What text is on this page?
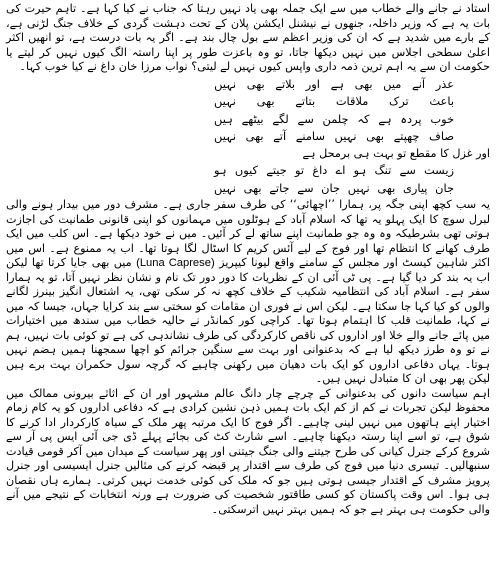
استاد نے جانے والے خطاب میں سے ایک جملہ بھی یاد نہیں رہتا کہ جناب نے کیا کہا ہے۔ تاہم حیرت کی بات یہ ہے کہ وزیر داخلہ، جنھوں نے نیشنل ایکشن پلان کے تحت دہشت گردی کے خلاف جنگ لڑنی ہے، کے بارے میں شدید ہے کہ ان کی وزیر اعظم سے بول چال بند ہے۔ اگر یہ بات درست ہے، تو انھیں اکثر اعلیٰ سطحی اجلاس میں نہیں دیکھا جاتا، تو وہ باعزت طور پر اپنا راستہ الگ کیوں نہیں کر لیتے یا حکومت ان سے یہ اہم ترین ذمہ داری واپس کیوں نہیں لے لیتی؟ نواب مرزا خان داغ نے کیا خوب کہا۔

عذر
آنے
میں
بھی
ہے
اور
بلاتے
بھی
نہیں
باعث
ترک
ملاقات
بتاتے
بھی
نہیں
خوب
پردہ
ہے
کہ
چلمن
سے
لگے
بیٹھے
ہیں
صاف
چھپتے
بھی
نہیں
سامنے
آتے
بھی
نہیں

اور غزل کا مقطع تو بہت ہی برمحل ہے

زیست
سے
تنگ
ہو
اے
داغ
تو
جیتے
کیوں
ہو
جان
پیاری
بھی
نہیں
جان
سے
جاتے
بھی
نہیں

یہ سب کچھ اپنی جگہ پر، ہمارا ’’اچھائی‘‘ کی طرف سفر جاری ہے۔ مشرف دور میں بیدار ہونے والی لبرل سوچ کا ایک پہلو یہ تھا کہ اسلام آباد کے ہوٹلوں میں مہمانوں کو اپنی قانونی طمانیت کی اجازت ہوتی تھی بشرطیکہ وہ وہ جو طمانیت اپنے ساتھ لے کر آئیں۔ میں نے خود دیکھا ہے۔ اس کلب میں ایک طرف کھانے کا انتظام تھا اور فوج کے لیے آئس کریم کا اسٹال لگا ہوتا تھا۔ اب یہ ممنوع ہے۔ اس میں اکثر شاہین کیسٹ اور مجلس کے سامنے واقع لیونا کیپریز (Luna Caprese) میں بھی جایا کرتا تھا لیکن اب یہ بند کر دیا گیا ہے۔ پی ٹی آئی ان کے نظریات کا دور دور تک نام و نشان نظر نہیں آتا، تو یہ ہمارا سفر ہے۔ اسلام آباد کی انتظامیہ شکیب کے خلاف کچھ نہ کر سکی تھی، یہ اشتعال انگیز بینرز لگانے والوں کو کیا کہا جا سکتا ہے۔ لیکن اس نے فوری ان مقامات کو سختی سے بند کرایا جہاں، جیسا کہ میں نے کہا، طمانیت قلب کا اہتمام ہوتا تھا۔ کراچی کور کمانڈر نے حالیہ خطاب میں سندھ میں اختیارات میں پائے جانے والے خلا اور اداروں کی ناقص کارکردگی کی طرف نشاندہی کی ہے تو کوئی بات نہیں، ہم نے تو وہ طرز دیکھ لیا ہے کہ بدعنوانی اور بہت سے سنگین جرائم کو اچھا سمجھنا ہمیں ہضم نہیں ہوتا۔ یہاں دفاعی اداروں کو ایک بات دھیان میں رکھنی چاہیے کہ گرچہ سول حکمران بہت برے ہیں لیکن پھر بھی ان کا متبادل نہیں ہیں۔

اہم سیاست دانوں کی بدعنوانی کے چرچے چار دانگ عالم مشہور اور ان کے اثاثے بیرونی ممالک میں محفوظ لیکن تجربات نے کم از کم ایک بات ہمیں ذہن نشین کرادی ہے کہ دفاعی اداروں کو یہ کام زمام اختیار اپنے ہاتھوں میں نہیں لینی چاہیے۔ اگر فوج کا ایک مرتبہ پھر ملک کے سیاہ کارکردار ادا کرنے کا شوق ہے، تو اسے اپنا رستہ دیکھنا چاہیے۔ اسے شارٹ کٹ کی بجائے پہلے ڈی جی آئی ایس پی آر سے شروع کرکے جنرل کیانی کی طرح جیتنے والی جنگ جیتنی اور پھر سیاست کے میدان میں آکر قومی قیادت سنبھالیں۔ تیسری دنیا میں فوج کی طرف سے اقتدار پر قبضہ کرنے کی مثالیں جنرل ایسیسی اور جنرل پرویز مشرف کے اقتدار جیسی ہوتی ہیں جو کہ ملک کی کوئی خدمت نہیں کرتی۔ ہمارے ہاں نقصان ہی ہوا۔ اس وقت پاکستان کو کسی طاقتور شخصیت کی ضرورت ہے ورنہ انتخابات کے نتیجے میں آنے والی حکومت ہی بہتر ہے جو کہ ہمیں بہتر نہیں اترسکتی۔
